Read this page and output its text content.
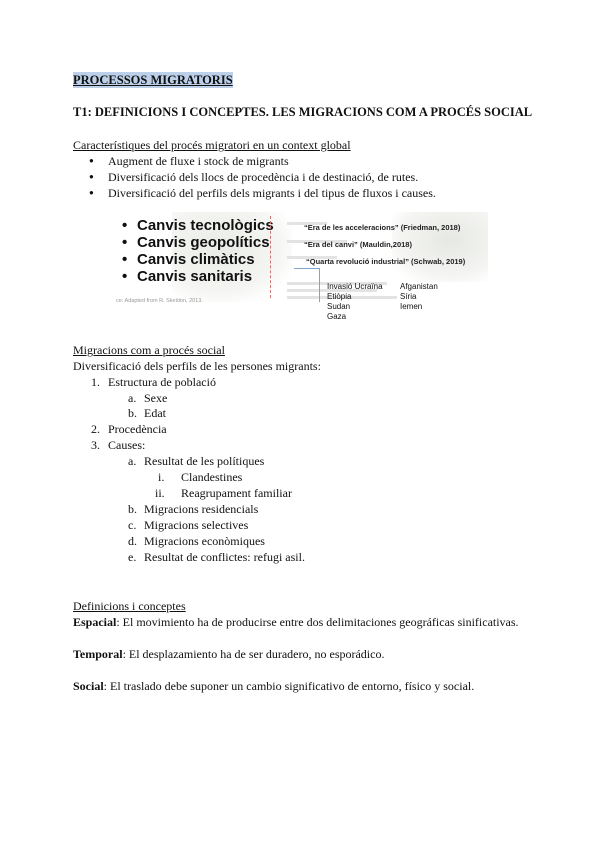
PROCESSOS MIGRATORIS
T1: DEFINICIONS I CONCEPTES. LES MIGRACIONS COM A PROCÉS SOCIAL
Característiques del procés migratori en un context global
● Augment de fluxe i stock de migrants
● Diversificació dels llocs de procedència i de destinació, de rutes.
● Diversificació del perfils dels migrants i del tipus de fluxos i causes.
• Canvis tecnològics
• Canvis geopolítics
• Canvis climàtics
• Canvis sanitaris
“Era de les acceleracions” (Friedman, 2018)
“Era del canvi” (Mauldin,2018)
“Quarta revolució industrial” (Schwab, 2019)
Invasió Ucraïna
Etiòpia
Sudan
Gaza
Afganistan
Síria
Iemen
ce: Adapted from R. Skeldon, 2013.
Migracions com a procés social
Diversificació dels perfils de les persones migrants:
1. Estructura de població
a. Sexe
b. Edat
2. Procedència
3. Causes:
a. Resultat de les polítiques
i. Clandestines
ii. Reagrupament familiar
b. Migracions residencials
c. Migracions selectives
d. Migracions econòmiques
e. Resultat de conflictes: refugi asil.
Definicions i conceptes
Espacial: El movimiento ha de producirse entre dos delimitaciones geográficas sinificativas.
Temporal: El desplazamiento ha de ser duradero, no esporádico.
Social: El traslado debe suponer un cambio significativo de entorno, físico y social.
